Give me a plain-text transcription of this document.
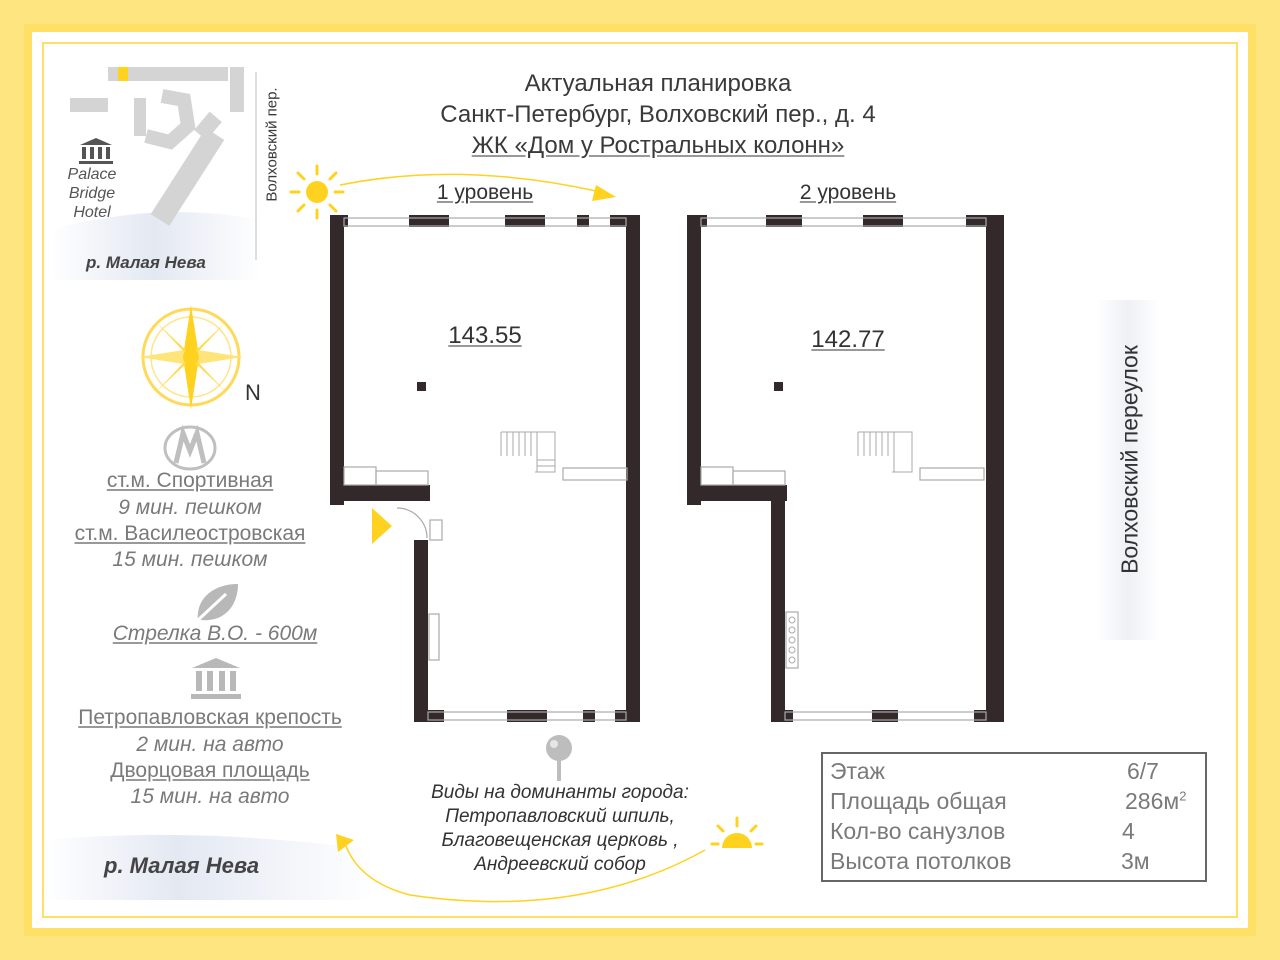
Актуальная планировка
Санкт-Петербург, Волховский пер., д. 4
ЖК «Дом у Ростральных колонн»
Волховский пер.
Palace
Bridge
Hotel
р. Малая Нева
N
ст.м. Спортивная
9 мин. пешком
ст.м. Василеостровская
15 мин. пешком
Стрелка В.О. - 600м
Петропавловская крепость
2 мин. на авто
Дворцовая площадь
15 мин. на авто
р. Малая Нева
1 уровень	2 уровень
143.55	142.77
Волховский переулок
Виды на доминанты города:
Петропавловский шпиль,
Благовещенская церковь ,
Андреевский собор
Этаж	6/7
Площадь общая	$286м^2$
Кол-во санузлов	4
Высота потолков	3м
